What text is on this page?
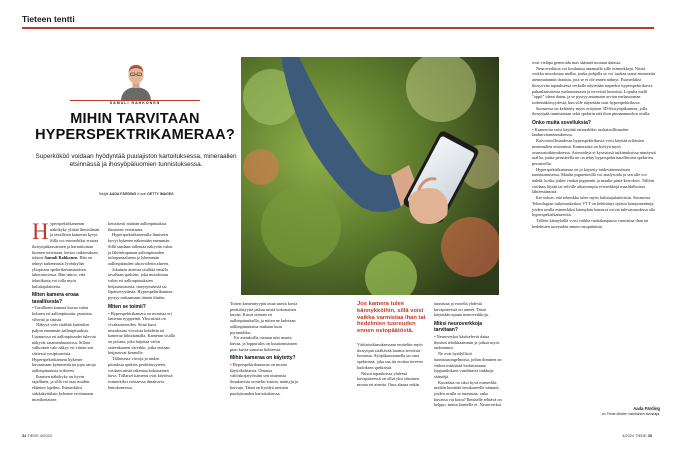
Tieteen tentti
SAMULI RAHKONEN
MIHIN TARVITAAN
HYPERSPEKTRIKAMERAA?
Superkököö voidaan hyödyntää puulajiston kartoituksessa, mineraalien etsinnässä ja ihosyöpäluomien tunnistuksessa.
Tekijät AADA FÄRDING Kuvat GETTY IMAGES

Hyperspektrikameran näkökyky ylittää ihmisilmän ja tavallisen kameran kyvyt. Sillä voi esimerkiksi erottaa ihosyöpäkasvaimen ja harmittoman luomen toisistaan, kertoo tutkimuksen tohtori Samuli Rahkonen. Hän on tehnyt tarkennusta Jyväskylän yliopiston spektrikuvantamisen laboratoriossa. Hän uskoo, että tekniikasta voi tulla myös kuluttajalaitteita.

Miten kamera eroaa tavallisesta?

▪ Tavallinen kamera kuvaa valon kolmea eri aallonpituutta: punaista, vihreää ja sinistä.

Näkyvä valo sisältää kuitenkin paljon enemmän aallonpituuksia. Luonnossa eri aallonpituudet tuleviat näkyvät satamenhaaroissa. Silloin valkoinen valo näkyy eri värein sen siirtessä vesipisaroista. Hyperspektrikamera kykenee kuvaamaan kymmeniä tai jopa satoja aallonpituuksia erikseen.

Ihmisen näkökyky on hyvin rajallinen, ja sillä voi taas muihin eläinten lajeihin. Esimerkiksi sirkkakyttälain kykenee erottamaan monikertaisen

kertaisesti määrän aallonpituuksia ihmiseen verrattuna.

Hyperspektrikameralla ihmiseen kyvyt kykenee näkemään enemmän. Sillä saadaan tallentaa näkyvän valon ja lähiinfrapunan aallonpituuden infrapunaalueen ja lyhemmän aallonpituuden ultravioletin alueen.

Jokainen aineosa sisältää omalla tavallaan spektrin, joka muodostuu valon eri aallonpituuksien heijastumisesta, imeytymisestä tai läpäisevyydestä. Hyperspektrikamera pystyy mittaamaan tämän ilmiön.

Miten se toimii?

▪ Hyperspektrikamera on monissa eri laitteina tyyppeinä. Yksi niistä on vivakameroiden. Siinä kuva muodostuu viivoista kohdetta tai kameraa liikuttamalla. Kameran sisällä on prisma, joka hajottaa valon sateenkaaren väreihin, jotka otetaan heijastuvat kennolle.

Tällaisesta viivoja ja niiden pituuksia spektrit perättäisyyteen, voidaan niistä rakentaa kokonainen kuva. Tällaiset kamerat ovat käytössä esimerkiksi viettaessa ilmakuvia lentokoneesta.

Toisen kameratyypin ottaa useita kuvia perättäisyyttä jatkuu niistä kokonaisen kuvan. Kuvat otetaan eri aallonpituuksilla, ja niiten ne ladotaan aallonpituuksina mukaan kuin pyramidiksi.

Eri asetuksilla otetaan niin monta kuvaa, ja lopputulos on kuutionmainen pino kuvia samasta kohteesta.

Mihin kameraa on käytetty?

▪ Hyperspektrikameraa on monia käyttökohtaista. Omassa väitöskirjatyössäni sen ottamista ilmakuvista erottelin kuusia, mäntyjä ja koivuja. Tämä on hyödyä metsien puulajisuuden kartoituksessa.

Jos kamera tulee kännykköihin, sillä voisi vaikka varmistaa ihan tai hedelmien tuoreuden ennen ostopäätöstä.

Väitöstutkimuksessani erotteltin myös ihosyöpiä sisältävää luomia terveistä luomista. Syöpäkasvaimella on oma spektrinsä, joka saa tin erottaa terveen kudoksen spektristä.

Niissä tapauksissa yhdessä kuvapisteessä on ollut yksi tekninen monta eri ainetta. Oma alansa onkin

tunnistaa ja erotella yhdestä kuvapisteestä eri aineet. Tässä käytetään apuna neuroverkkoja.

Miksi neuroverkkoja tarvitaan?

▪ Neuroverkot käsittelevät dataa ihmisiä tehokkaammin ja jotkaa myös tarkemmin.

Ne ovat hyödyllisiä tunnistusongelmissa, joihin ihminen on vaikea määrittää luokittamaan lopputuloksen vaadittavia tiukkoja sääntöjä.

Kuvadata on siksi hyvä esimerkki: mitäön kiinittää tietokoneelle säännöt, joiden avulla se tunnistaa, onko kuvassa vai koira? Ihmiselle tehtävä on helppo, mutta koneelle ei. Neuroverkot

ovat vieläpa generoida mas säännöt moraan datasta.

Neuroverkkoa voi koulutusa antamalla sille esimerkkejä. Niistä verkko muodostaa mallin, jonka pohjalla se voi tuottaa uusia ennustettä aiemmattamin dataista, jota se ei ole ennen nähnyt. Esimerkiksi ihosyövän tapauksessa verkolle näytetään tarpeeksi hyperspektrikuvia pahanlaatuisesta melanoomasta ja terveistä luomista. Lopulta malli "oppii" idean datan, ja se pystyy antamaan arvion melanooman todennäköisyydestä, kun sille näytetään uusi hyperspektrikuva.

Suomessa on kehitetty myös erityinen 3D-ihosyöpäkamera, jolla ihosyöpää tunnistetaan sekä spektrin että ihon pinnanmuodon avulla.

Onko muita sovelluksia?

▪ Kameroita voisi käyttää esimerkiksi ruokateollisuuden laadunvarmennuksessa.

Kaivosteollisuudessa hyperspektrikuvia voisi käyttää erilaisten mineraalien etsinnässä. Kameraista on hyötyä myös avaruustutkimuksessa. Asteroideja ei kyseisissä tutkimuksissa nimitystä mallia, jonka perusteella ne on tehty hyperspektrisatelliittien spektrien perusteella.

Hyperspektrikameraa on jo käytetty taideväärennösten tunnistamisessa. Maalin pigmenteillä voi analysoida ja sen alle voi nähdä, koska jotkin vanhat pigmentit ja maalin pinta-kerrokset. Tällöin voidaan löytää tai selville aikaisempia ei-merkkejä maalikilboissa lähteestämistä.

Itse uskon, että tekniikka tulee myös kuluttajalaitteisiin. Suomessa Teknologian tutkimuskeskus VTT on kehittänyt optisia komponentteja, joiden avulla esimerkiksi kännykän kamerat voivat tulevaisuudessa olla hyperspektrikameroita.

Tällöin kännykällä voisi vaikka ruokakaupassa varmistaa ihan tai hedelmien tuoreuden ennen ostopäätöstä.

Aada Färding
on Tiede-lehden vakituinen avustaja.
34 TIEDE 4/2024	4/2024 TIEDE 35
